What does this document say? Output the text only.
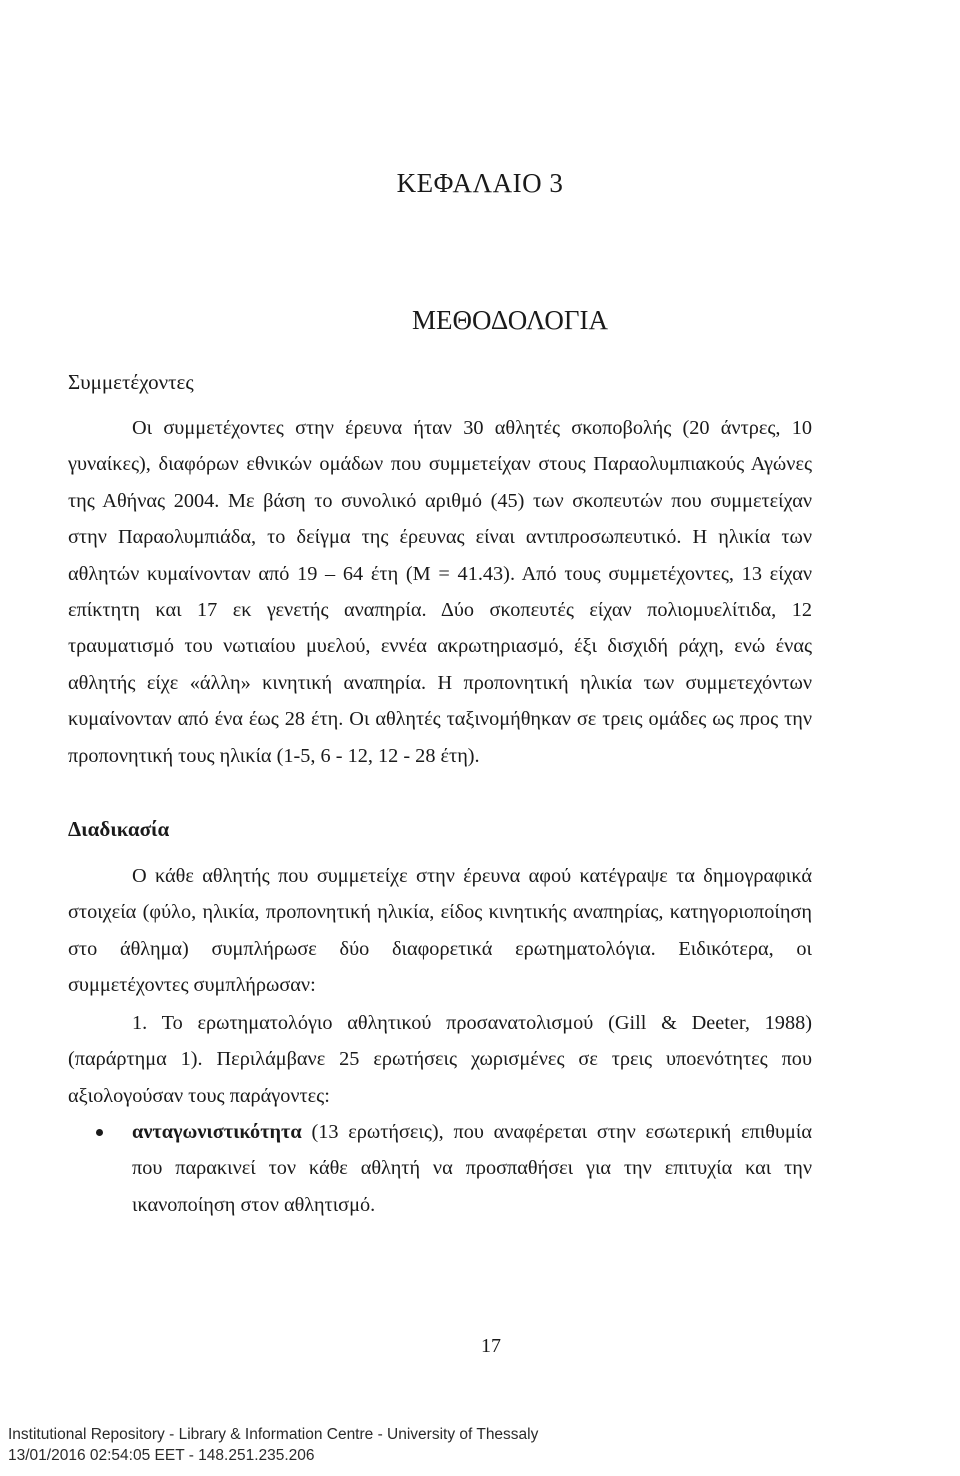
ΚΕΦΑΛΑΙΟ 3
ΜΕΘΟΔΟΛΟΓΙΑ
Συμμετέχοντες

Οι συμμετέχοντες στην έρευνα ήταν 30 αθλητές σκοποβολής (20 άντρες, 10 γυναίκες), διαφόρων εθνικών ομάδων που συμμετείχαν στους Παραολυμπιακούς Αγώνες της Αθήνας 2004. Με βάση το συνολικό αριθμό (45) των σκοπευτών που συμμετείχαν στην Παραολυμπιάδα, το δείγμα της έρευνας είναι αντιπροσωπευτικό. Η ηλικία των αθλητών κυμαίνονταν από 19 – 64 έτη (M = 41.43). Από τους συμμετέχοντες, 13 είχαν επίκτητη και 17 εκ γενετής αναπηρία. Δύο σκοπευτές είχαν πολιομυελίτιδα, 12 τραυματισμό του νωτιαίου μυελού, εννέα ακρωτηριασμό, έξι δισχιδή ράχη, ενώ ένας αθλητής είχε «άλλη» κινητική αναπηρία. Η προπονητική ηλικία των συμμετεχόντων κυμαίνονταν από ένα έως 28 έτη. Οι αθλητές ταξινομήθηκαν σε τρεις ομάδες ως προς την προπονητική τους ηλικία (1-5, 6 - 12, 12 - 28 έτη).

Διαδικασία

Ο κάθε αθλητής που συμμετείχε στην έρευνα αφού κατέγραψε τα δημογραφικά στοιχεία (φύλο, ηλικία, προπονητική ηλικία, είδος κινητικής αναπηρίας, κατηγοριοποίηση στο άθλημα) συμπλήρωσε δύο διαφορετικά ερωτηματολόγια. Ειδικότερα, οι συμμετέχοντες συμπλήρωσαν:

1. Το ερωτηματολόγιο αθλητικού προσανατολισμού (Gill & Deeter, 1988) (παράρτημα 1). Περιλάμβανε 25 ερωτήσεις χωρισμένες σε τρεις υποενότητες που αξιολογούσαν τους παράγοντες:

ανταγωνιστικότητα (13 ερωτήσεις), που αναφέρεται στην εσωτερική επιθυμία που παρακινεί τον κάθε αθλητή να προσπαθήσει για την επιτυχία και την ικανοποίηση στον αθλητισμό.

17
Institutional Repository - Library & Information Centre - University of Thessaly
13/01/2016 02:54:05 EET - 148.251.235.206
